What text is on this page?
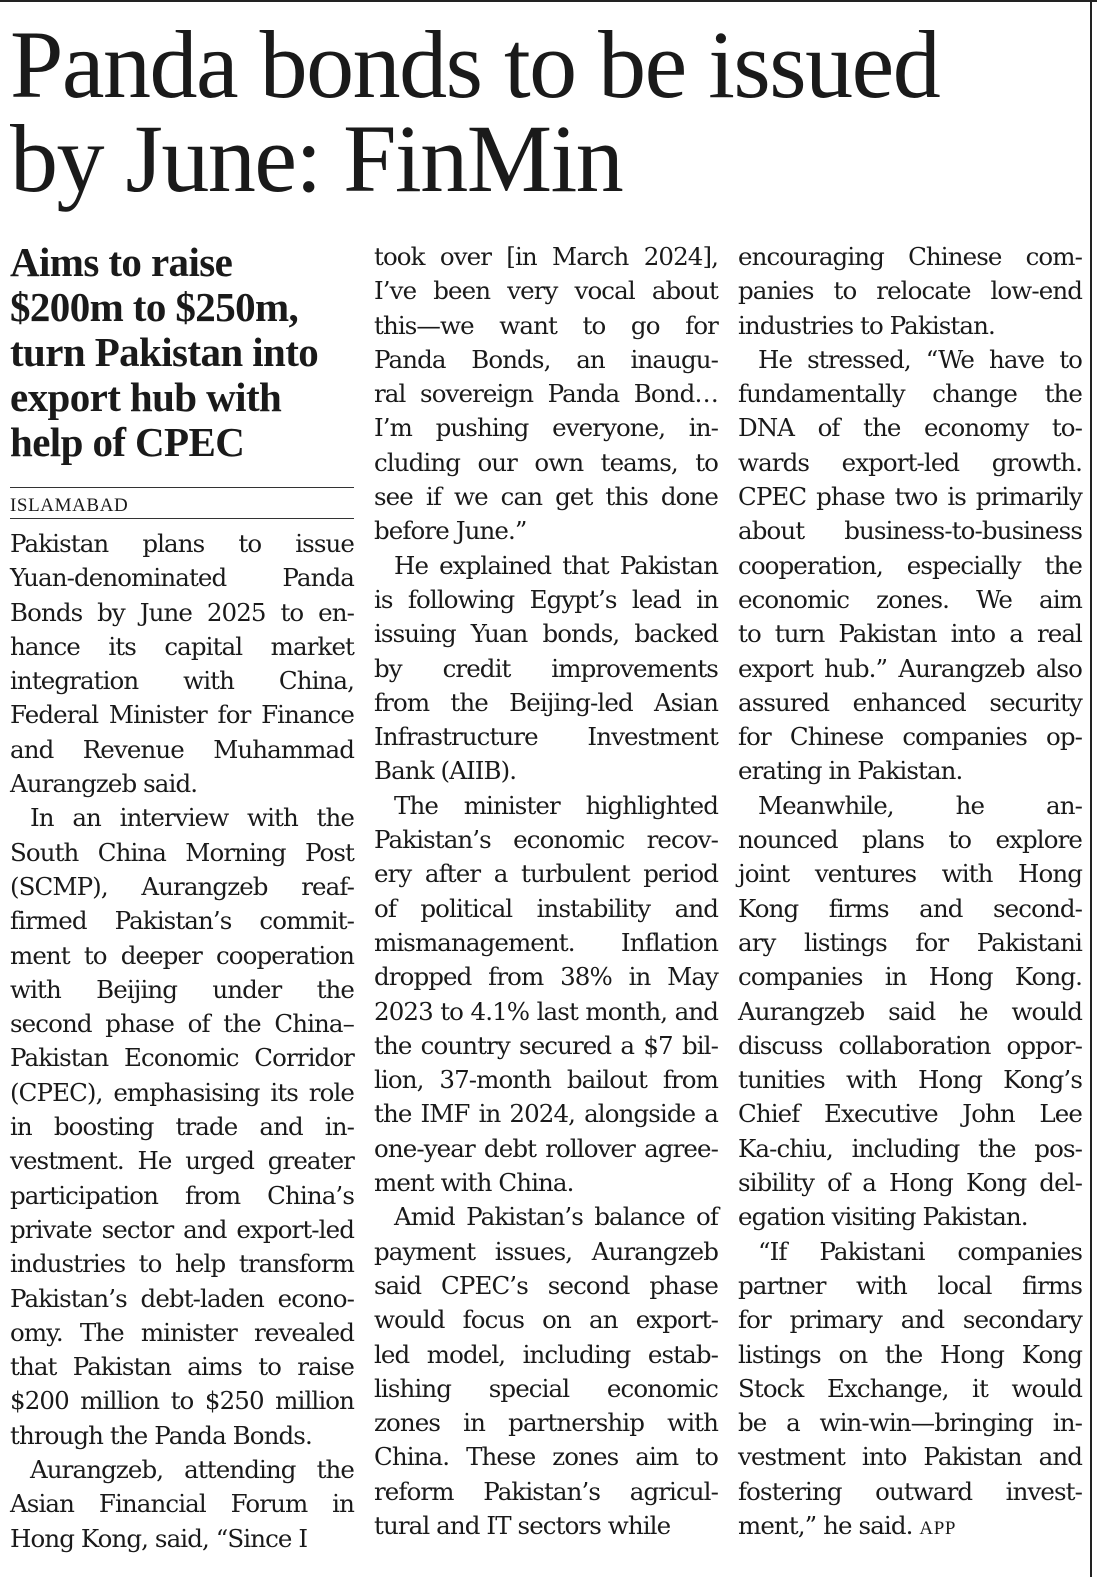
Panda bonds to be issued
by June: FinMin
Aims to raise
$200m to $250m,
turn Pakistan into
export hub with
help of CPEC
ISLAMABAD

Pakistan plans to issue
Yuan-denominated Panda
Bonds by June 2025 to en-
hance its capital market
integration with China,
Federal Minister for Finance
and Revenue Muhammad
Aurangzeb said.

In an interview with the
South China Morning Post
(SCMP), Aurangzeb reaf-
firmed Pakistan’s commit-
ment to deeper cooperation
with Beijing under the
second phase of the China–
Pakistan Economic Corridor
(CPEC), emphasising its role
in boosting trade and in-
vestment. He urged greater
participation from China’s
private sector and export-led
industries to help transform
Pakistan’s debt-laden econo-
omy. The minister revealed
that Pakistan aims to raise
$200 million to $250 million
through the Panda Bonds.

Aurangzeb, attending the
Asian Financial Forum in
Hong Kong, said, “Since I

took over [in March 2024],
I’ve been very vocal about
this—we want to go for
Panda Bonds, an inaugu-
ral sovereign Panda Bond…
I’m pushing everyone, in-
cluding our own teams, to
see if we can get this done
before June.”

He explained that Pakistan
is following Egypt’s lead in
issuing Yuan bonds, backed
by credit improvements
from the Beijing-led Asian
Infrastructure Investment
Bank (AIIB).

The minister highlighted
Pakistan’s economic recov-
ery after a turbulent period
of political instability and
mismanagement. Inflation
dropped from 38% in May
2023 to 4.1% last month, and
the country secured a $7 bil-
lion, 37-month bailout from
the IMF in 2024, alongside a
one-year debt rollover agree-
ment with China.

Amid Pakistan’s balance of
payment issues, Aurangzeb
said CPEC’s second phase
would focus on an export-
led model, including estab-
lishing special economic
zones in partnership with
China. These zones aim to
reform Pakistan’s agricul-
tural and IT sectors while

encouraging Chinese com-
panies to relocate low-end
industries to Pakistan.

He stressed, “We have to
fundamentally change the
DNA of the economy to-
wards export-led growth.
CPEC phase two is primarily
about business-to-business
cooperation, especially the
economic zones. We aim
to turn Pakistan into a real
export hub.” Aurangzeb also
assured enhanced security
for Chinese companies op-
erating in Pakistan.

Meanwhile, he an-
nounced plans to explore
joint ventures with Hong
Kong firms and second-
ary listings for Pakistani
companies in Hong Kong.
Aurangzeb said he would
discuss collaboration oppor-
tunities with Hong Kong’s
Chief Executive John Lee
Ka-chiu, including the pos-
sibility of a Hong Kong del-
egation visiting Pakistan.

“If Pakistani companies
partner with local firms
for primary and secondary
listings on the Hong Kong
Stock Exchange, it would
be a win-win—bringing in-
vestment into Pakistan and
fostering outward invest-
ment,” he said. APP
